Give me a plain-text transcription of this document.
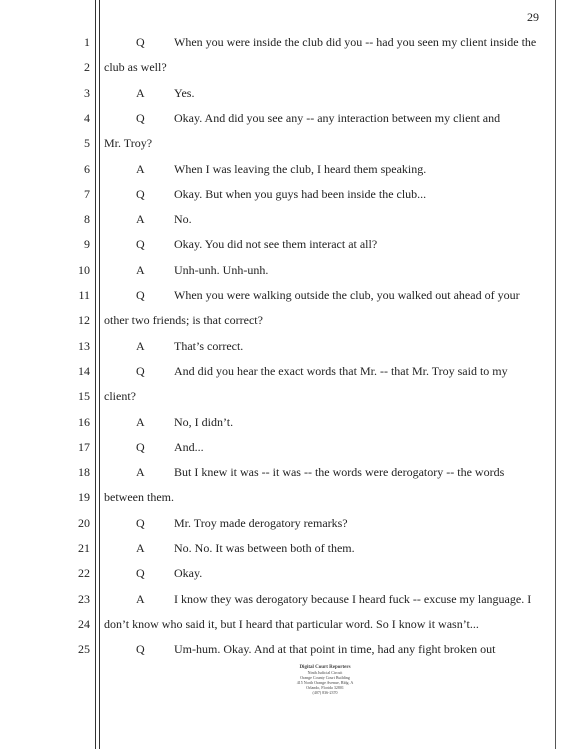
29
1	Q When you were inside the club did you -- had you seen my client inside the
2 club as well?
3	A Yes.
4	Q Okay. And did you see any -- any interaction between my client and
5 Mr. Troy?
6	A When I was leaving the club, I heard them speaking.
7	Q Okay. But when you guys had been inside the club...
8	A No.
9	Q Okay. You did not see them interact at all?
10	A Unh-unh. Unh-unh.
11	Q When you were walking outside the club, you walked out ahead of your
12 other two friends; is that correct?
13	A That’s correct.
14	Q And did you hear the exact words that Mr. -- that Mr. Troy said to my
15 client?
16	A No, I didn’t.
17	Q And...
18	A But I knew it was -- it was -- the words were derogatory -- the words
19 between them.
20	Q Mr. Troy made derogatory remarks?
21	A No. No. It was between both of them.
22	Q Okay.
23	A I know they was derogatory because I heard fuck -- excuse my language. I
24 don’t know who said it, but I heard that particular word. So I know it wasn’t...
25	Q Um-hum. Okay. And at that point in time, had any fight broken out
Digital Court Reporters
Ninth Judicial Circuit
Orange County Court Building
415 North Orange Avenue, Bldg. A
Orlando, Florida 32801
(407) 836-2370
